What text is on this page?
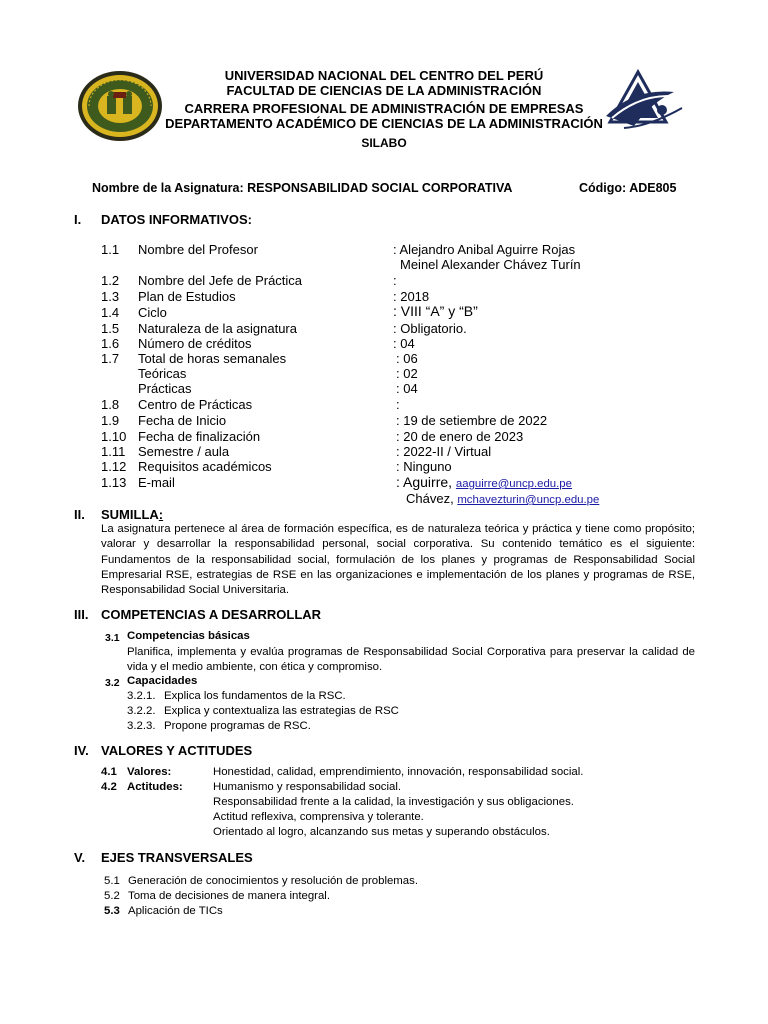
UNIVERSIDAD NACIONAL DEL CENTRO DEL PERÚ
FACULTAD DE CIENCIAS DE LA ADMINISTRACIÓN
CARRERA PROFESIONAL DE ADMINISTRACIÓN DE EMPRESAS
DEPARTAMENTO ACADÉMICO DE CIENCIAS DE LA ADMINISTRACIÓN
SILABO
Nombre de la Asignatura: RESPONSABILIDAD SOCIAL CORPORATIVA	Código: ADE805
I. DATOS INFORMATIVOS:
1.1 Nombre del Profesor	: Alejandro Anibal Aguirre Rojas
Meinel Alexander Chávez Turín
1.2 Nombre del Jefe de Práctica	:
1.3 Plan de Estudios	: 2018
1.4 Ciclo	: VIII “A” y “B”
1.5 Naturaleza de la asignatura	: Obligatorio.
1.6 Número de créditos	: 04
1.7 Total de horas semanales	: 06
Teóricas	: 02
Prácticas	: 04
1.8 Centro de Prácticas	:
1.9 Fecha de Inicio	: 19 de setiembre de 2022
1.10 Fecha de finalización	: 20 de enero de 2023
1.11 Semestre / aula	: 2022-II / Virtual
1.12 Requisitos académicos	: Ninguno
1.13 E-mail	: Aguirre, aaguirre@uncp.edu.pe
Chávez, mchavezturin@uncp.edu.pe
II. SUMILLA:
La asignatura pertenece al área de formación específica, es de naturaleza teórica y práctica y tiene como propósito;
valorar y desarrollar la responsabilidad personal, social corporativa. Su contenido temático es el siguiente:
Fundamentos de la responsabilidad social, formulación de los planes y programas de Responsabilidad Social
Empresarial RSE, estrategias de RSE en las organizaciones e implementación de los planes y programas de RSE,
Responsabilidad Social Universitaria.
III. COMPETENCIAS A DESARROLLAR
3.1 Competencias básicas
Planifica, implementa y evalúa programas de Responsabilidad Social Corporativa para preservar la calidad de
vida y el medio ambiente, con ética y compromiso.
3.2 Capacidades
3.2.1. Explica los fundamentos de la RSC.
3.2.2. Explica y contextualiza las estrategias de RSC
3.2.3. Propone programas de RSC.
IV. VALORES Y ACTITUDES
4.1 Valores:	Honestidad, calidad, emprendimiento, innovación, responsabilidad social.
4.2 Actitudes:	Humanismo y responsabilidad social.
Responsabilidad frente a la calidad, la investigación y sus obligaciones.
Actitud reflexiva, comprensiva y tolerante.
Orientado al logro, alcanzando sus metas y superando obstáculos.
V. EJES TRANSVERSALES
5.1 Generación de conocimientos y resolución de problemas.
5.2 Toma de decisiones de manera integral.
5.3 Aplicación de TICs
